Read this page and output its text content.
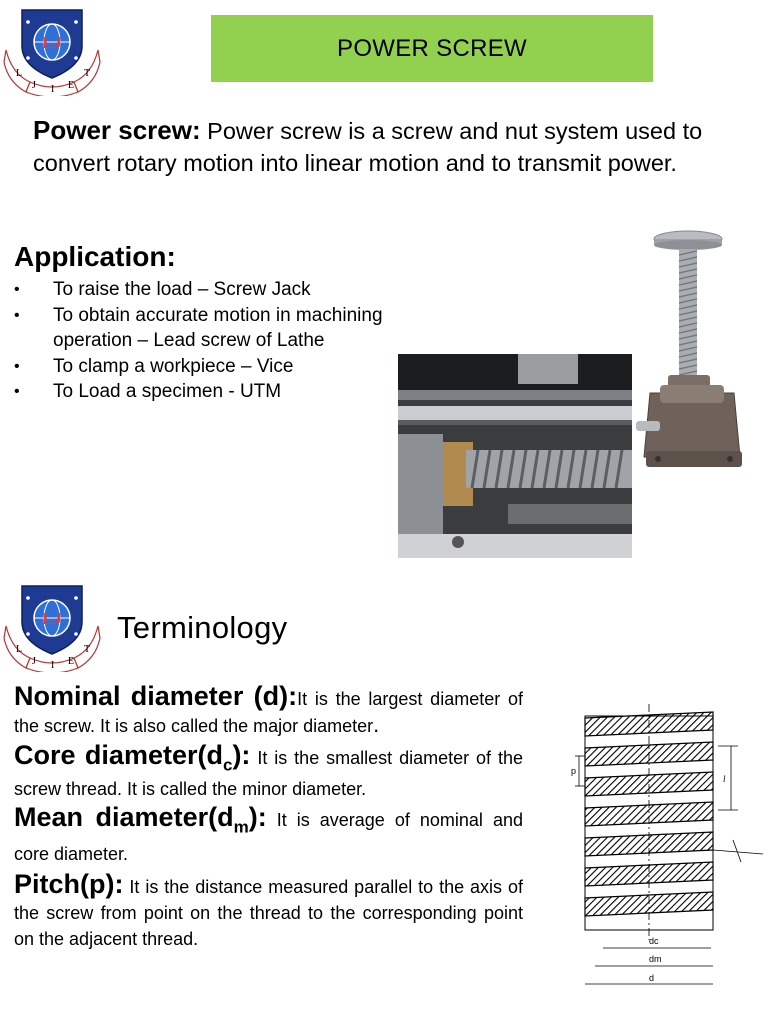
LJ
L
J I E
T
POWER SCREW
Power screw: Power screw is a screw and nut system used to convert rotary motion into linear motion and to transmit power.
Application:
• To raise the load – Screw Jack
• To obtain accurate motion in machining operation – Lead screw of Lathe
• To clamp a workpiece – Vice
• To Load a specimen - UTM
LJ
L
J I E
T
Terminology
Nominal diameter (d):It is the largest diameter of the screw. It is also called the major diameter.
Core $diameter(d_c)$: It is the smallest diameter of the screw thread. It is called the minor diameter.
Mean $diameter(d_m)$: It is average of nominal and core diameter.
Pitch(p): It is the distance measured parallel to the axis of the screw from point on the thread to the corresponding point on the adjacent thread.
p
l
dc
dm
d
